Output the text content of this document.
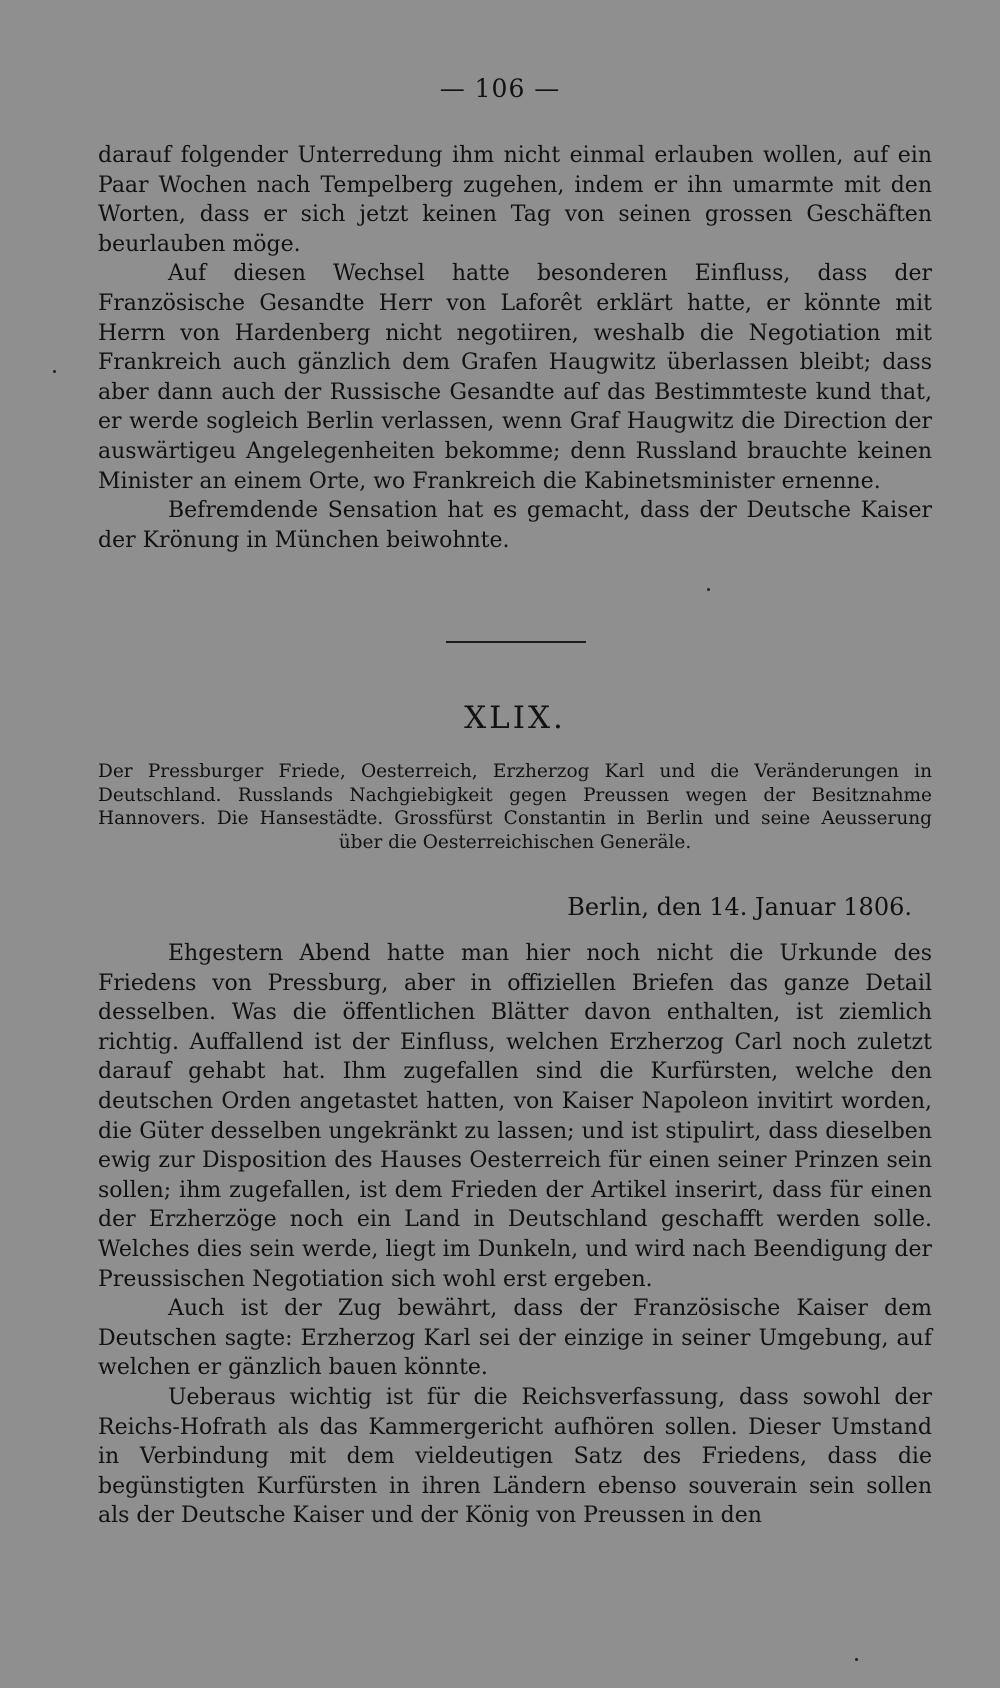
— 106 —

darauf folgender Unterredung ihm nicht einmal erlauben wollen, auf ein Paar Wochen nach Tempelberg zugehen, indem er ihn umarmte mit den Worten, dass er sich jetzt keinen Tag von seinen grossen Geschäften beurlauben möge.

Auf diesen Wechsel hatte besonderen Einfluss, dass der Französische Gesandte Herr von Laforêt erklärt hatte, er könnte mit Herrn von Hardenberg nicht negotiiren, weshalb die Negotiation mit Frankreich auch gänzlich dem Grafen Haugwitz überlassen bleibt; dass aber dann auch der Russische Gesandte auf das Bestimmteste kund that, er werde sogleich Berlin verlassen, wenn Graf Haugwitz die Direction der auswärtigeu Angelegenheiten bekomme; denn Russland brauchte keinen Minister an einem Orte, wo Frankreich die Kabinetsminister ernenne.

Befremdende Sensation hat es gemacht, dass der Deutsche Kaiser der Krönung in München beiwohnte.

XLIX.
Der Pressburger Friede, Oesterreich, Erzherzog Karl und die Veränderungen in Deutschland. Russlands Nachgiebigkeit gegen Preussen wegen der Besitznahme Hannovers. Die Hansestädte. Grossfürst Constantin in Berlin und seine Aeusserung über die Oesterreichischen Generäle.
Berlin, den 14. Januar 1806.

Ehgestern Abend hatte man hier noch nicht die Urkunde des Friedens von Pressburg, aber in offiziellen Briefen das ganze Detail desselben. Was die öffentlichen Blätter davon enthalten, ist ziemlich richtig. Auffallend ist der Einfluss, welchen Erzherzog Carl noch zuletzt darauf gehabt hat. Ihm zugefallen sind die Kurfürsten, welche den deutschen Orden angetastet hatten, von Kaiser Napoleon invitirt worden, die Güter desselben ungekränkt zu lassen; und ist stipulirt, dass dieselben ewig zur Disposition des Hauses Oesterreich für einen seiner Prinzen sein sollen; ihm zugefallen, ist dem Frieden der Artikel inserirt, dass für einen der Erzherzöge noch ein Land in Deutschland geschafft werden solle. Welches dies sein werde, liegt im Dunkeln, und wird nach Beendigung der Preussischen Negotiation sich wohl erst ergeben.

Auch ist der Zug bewährt, dass der Französische Kaiser dem Deutschen sagte: Erzherzog Karl sei der einzige in seiner Umgebung, auf welchen er gänzlich bauen könnte.

Ueberaus wichtig ist für die Reichsverfassung, dass sowohl der Reichs-Hofrath als das Kammergericht aufhören sollen. Dieser Umstand in Verbindung mit dem vieldeutigen Satz des Friedens, dass die begünstigten Kurfürsten in ihren Ländern ebenso souverain sein sollen als der Deutsche Kaiser und der König von Preussen in den
